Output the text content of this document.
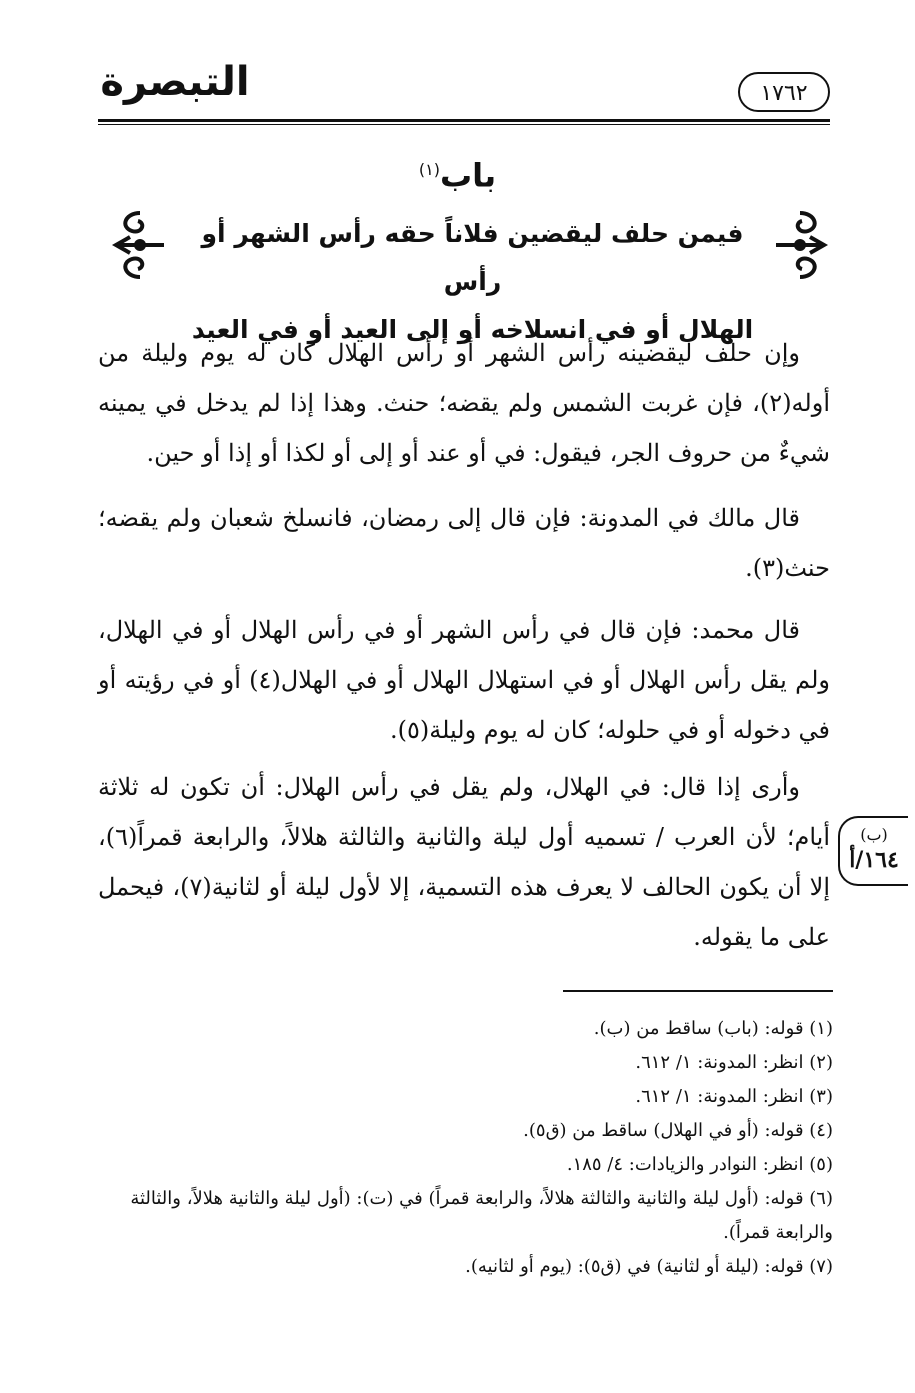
التبصرة	١٧٦٢
باب$^{(١)}$
فيمن حلف ليقضين فلاناً حقه رأس الشهر أو رأس
الهلال أو في انسلاخه أو إلى العيد أو في العيد
وإن حلف ليقضينه رأس الشهر أو رأس الهلال كان له يوم وليلة من أوله(٢)، فإن غربت الشمس ولم يقضه؛ حنث. وهذا إذا لم يدخل في يمينه شيءٌ من حروف الجر، فيقول: في أو عند أو إلى أو لكذا أو إذا أو حين.
قال مالك في المدونة: فإن قال إلى رمضان، فانسلخ شعبان ولم يقضه؛ حنث(٣).
قال محمد: فإن قال في رأس الشهر أو في رأس الهلال أو في الهلال، ولم يقل رأس الهلال أو في استهلال الهلال أو في الهلال(٤) أو في رؤيته أو في دخوله أو في حلوله؛ كان له يوم وليلة(٥).
وأرى إذا قال: في الهلال، ولم يقل في رأس الهلال: أن تكون له ثلاثة أيام؛ لأن العرب / تسميه أول ليلة والثانية والثالثة هلالاً، والرابعة قمراً(٦)، إلا أن يكون الحالف لا يعرف هذه التسمية، إلا لأول ليلة أو لثانية(٧)، فيحمل على ما يقوله.
(ب)
١٦٤/أ
(١) قوله: (باب) ساقط من (ب).
(٢) انظر: المدونة: ١/ ٦١٢.
(٣) انظر: المدونة: ١/ ٦١٢.
(٤) قوله: (أو في الهلال) ساقط من (ق٥).
(٥) انظر: النوادر والزيادات: ٤/ ١٨٥.
(٦) قوله: (أول ليلة والثانية والثالثة هلالاً، والرابعة قمراً) في (ت): (أول ليلة والثانية هلالاً، والثالثة والرابعة قمراً).
(٧) قوله: (ليلة أو لثانية) في (ق٥): (يوم أو لثانيه).
